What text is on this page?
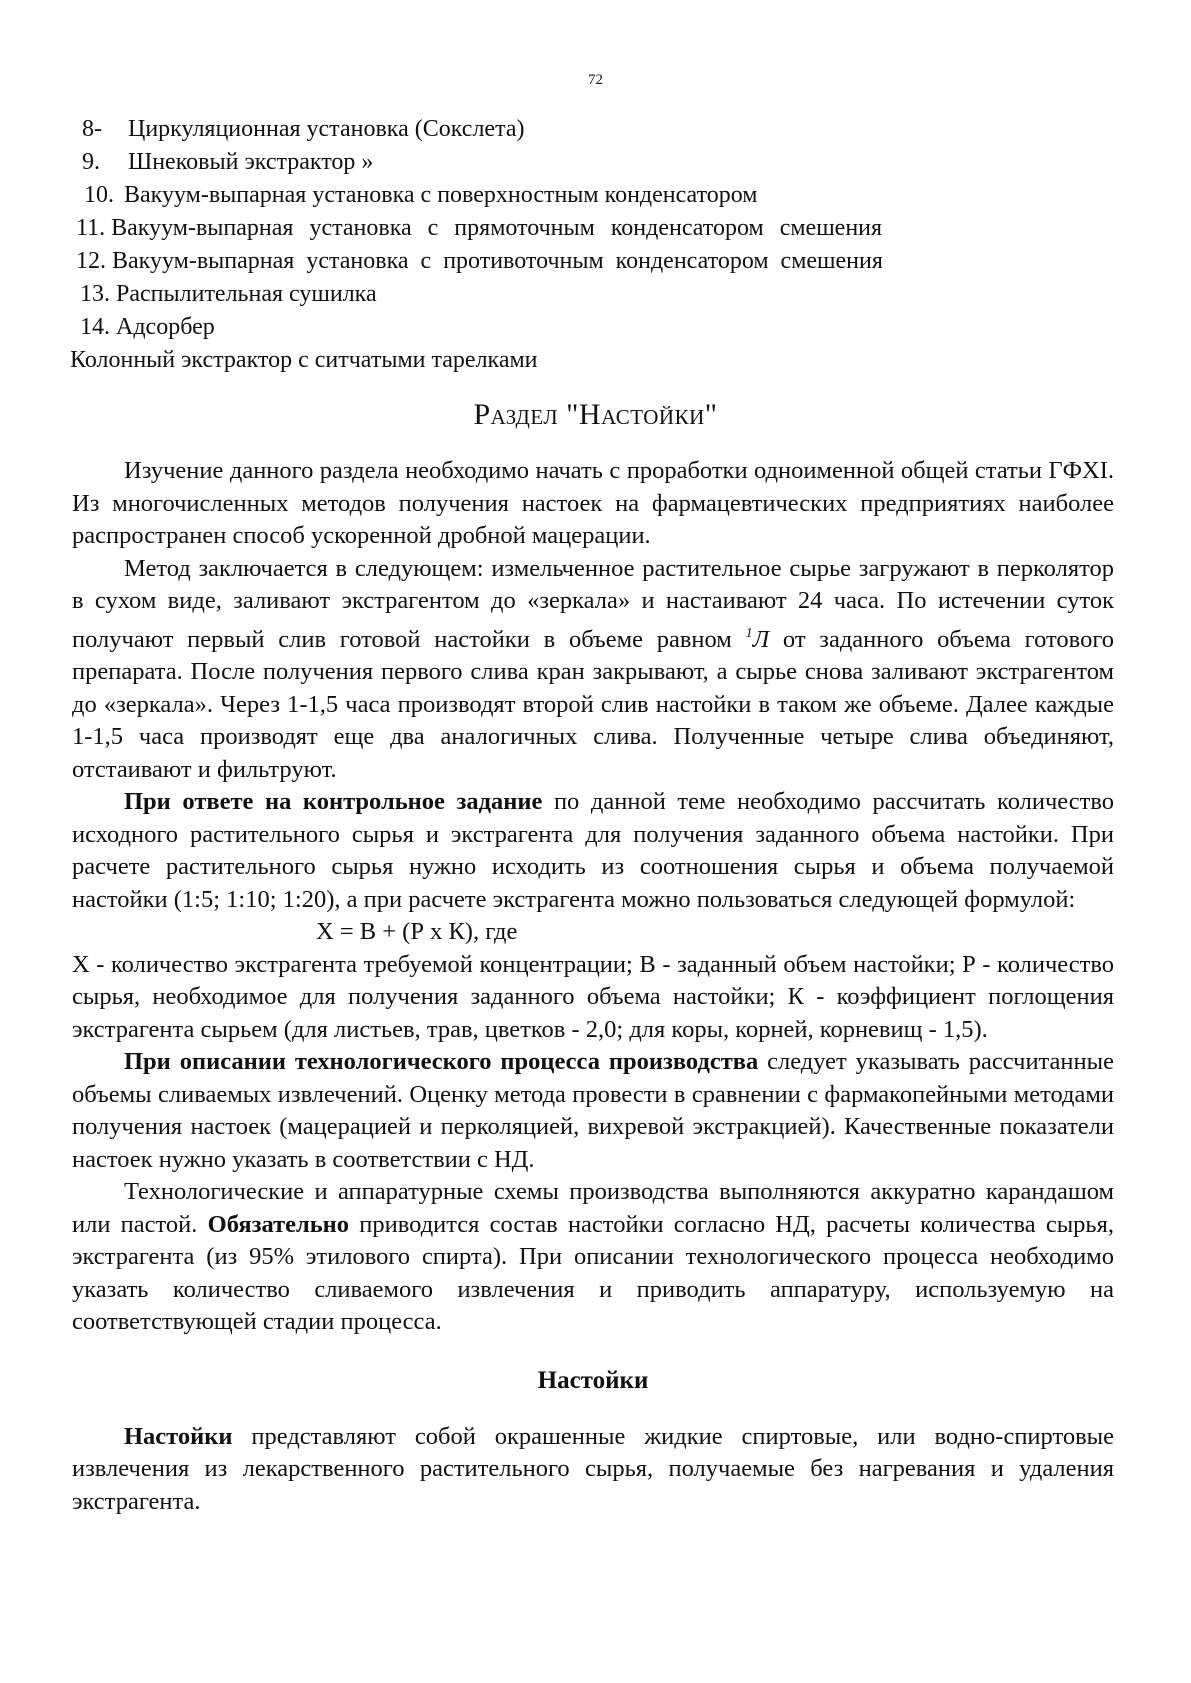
72
8- Циркуляционная установка (Сокслета)
9. Шнековый экстрактор »
10. Вакуум-выпарная установка с поверхностным конденсатором
11. Вакуум-выпарная установка с прямоточным конденсатором смешения
12. Вакуум-выпарная установка с противоточным конденсатором смешения
13. Распылительная сушилка
14. Адсорбер
Колонный экстрактор с ситчатыми тарелками
Раздел "Настойки"

Изучение данного раздела необходимо начать с проработки одноименной общей статьи ГФXI. Из многочисленных методов получения настоек на фармацевтических предприятиях наиболее распространен способ ускоренной дробной мацерации.

Метод заключается в следующем: измельченное растительное сырье загружают в перколятор в сухом виде, заливают экстрагентом до «зеркала» и настаивают 24 часа. По истечении суток получают первый слив готовой настойки в объеме равном $^1$Л от заданного объема готового препарата. После получения первого слива кран закрывают, а сырье снова заливают экстрагентом до «зеркала». Через 1-1,5 часа производят второй слив настойки в таком же объеме. Далее каждые 1-1,5 часа производят еще два аналогичных слива. Полученные четыре слива объединяют, отстаивают и фильтруют.

При ответе на контрольное задание по данной теме необходимо рассчитать количество исходного растительного сырья и экстрагента для получения заданного объема настойки. При расчете растительного сырья нужно исходить из соотношения сырья и объема получаемой настойки (1:5; 1:10; 1:20), а при расчете экстрагента можно пользоваться следующей формулой:

Х = В + (Р х К), где

Х - количество экстрагента требуемой концентрации; В - заданный объем настойки; Р - количество сырья, необходимое для получения заданного объема настойки; К - коэффициент поглощения экстрагента сырьем (для листьев, трав, цветков - 2,0; для коры, корней, корневищ - 1,5).

При описании технологического процесса производства следует указывать рассчитанные объемы сливаемых извлечений. Оценку метода провести в сравнении с фармакопейными методами получения настоек (мацерацией и перколяцией, вихревой экстракцией). Качественные показатели настоек нужно указать в соответствии с НД.

Технологические и аппаратурные схемы производства выполняются аккуратно карандашом или пастой. Обязательно приводится состав настойки согласно НД, расчеты количества сырья, экстрагента (из 95% этилового спирта). При описании технологического процесса необходимо указать количество сливаемого извлечения и приводить аппаратуру, используемую на соответствующей стадии процесса.

Настойки

Настойки представляют собой окрашенные жидкие спиртовые, или водно-спиртовые извлечения из лекарственного растительного сырья, получаемые без нагревания и удаления экстрагента.
